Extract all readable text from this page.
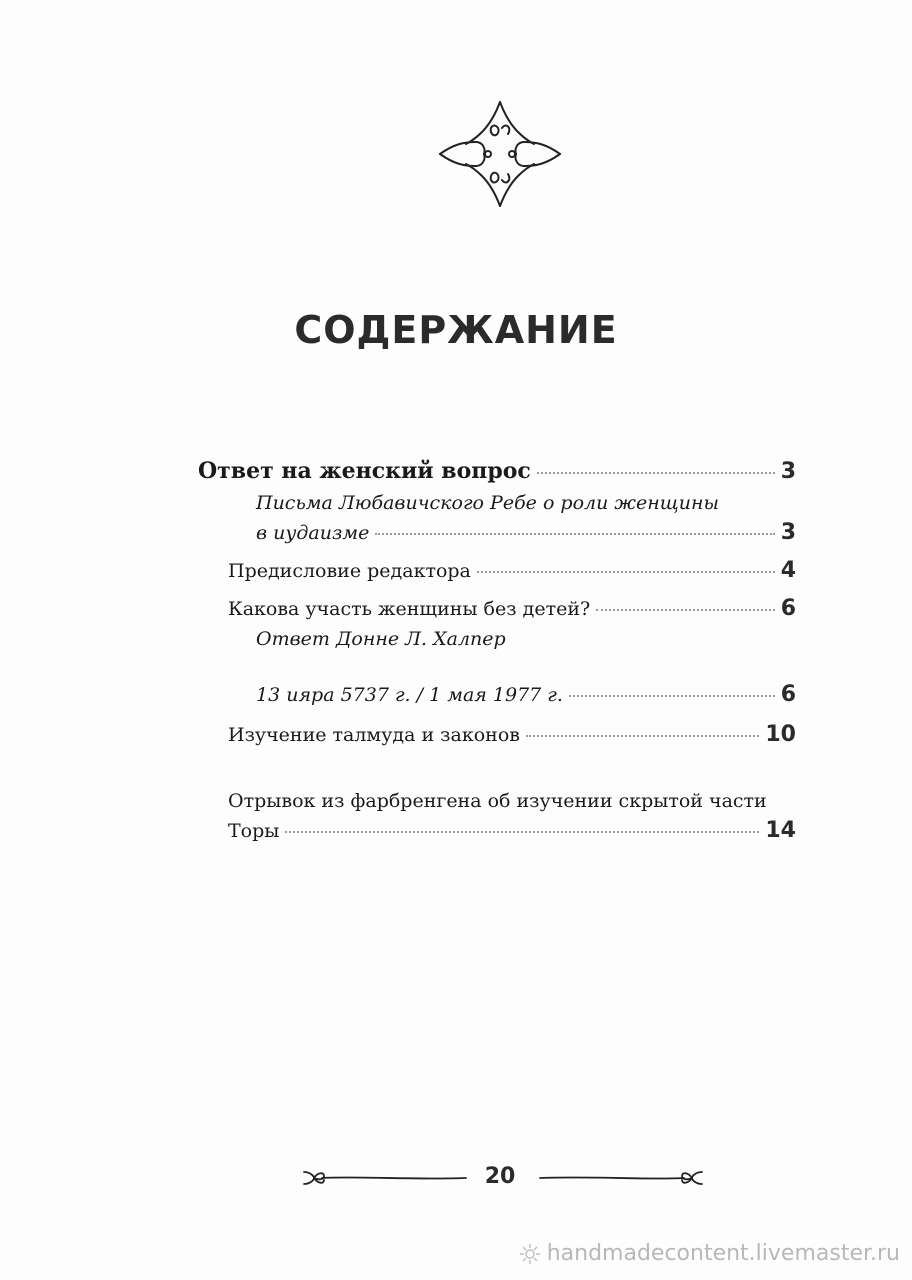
СОДЕРЖАНИЕ
Ответ на женский вопрос	3
Письма Любавичского Ребе о роли женщины
в иудаизме	3
Предисловие редактора	4
Какова участь женщины без детей?	6
Ответ Донне Л. Халпер
13 ияра 5737 г. / 1 мая 1977 г.	6
Изучение талмуда и законов	10
Отрывок из фарбренгена об изучении скрытой части
Торы	14
20
handmadecontent.livemaster.ru
